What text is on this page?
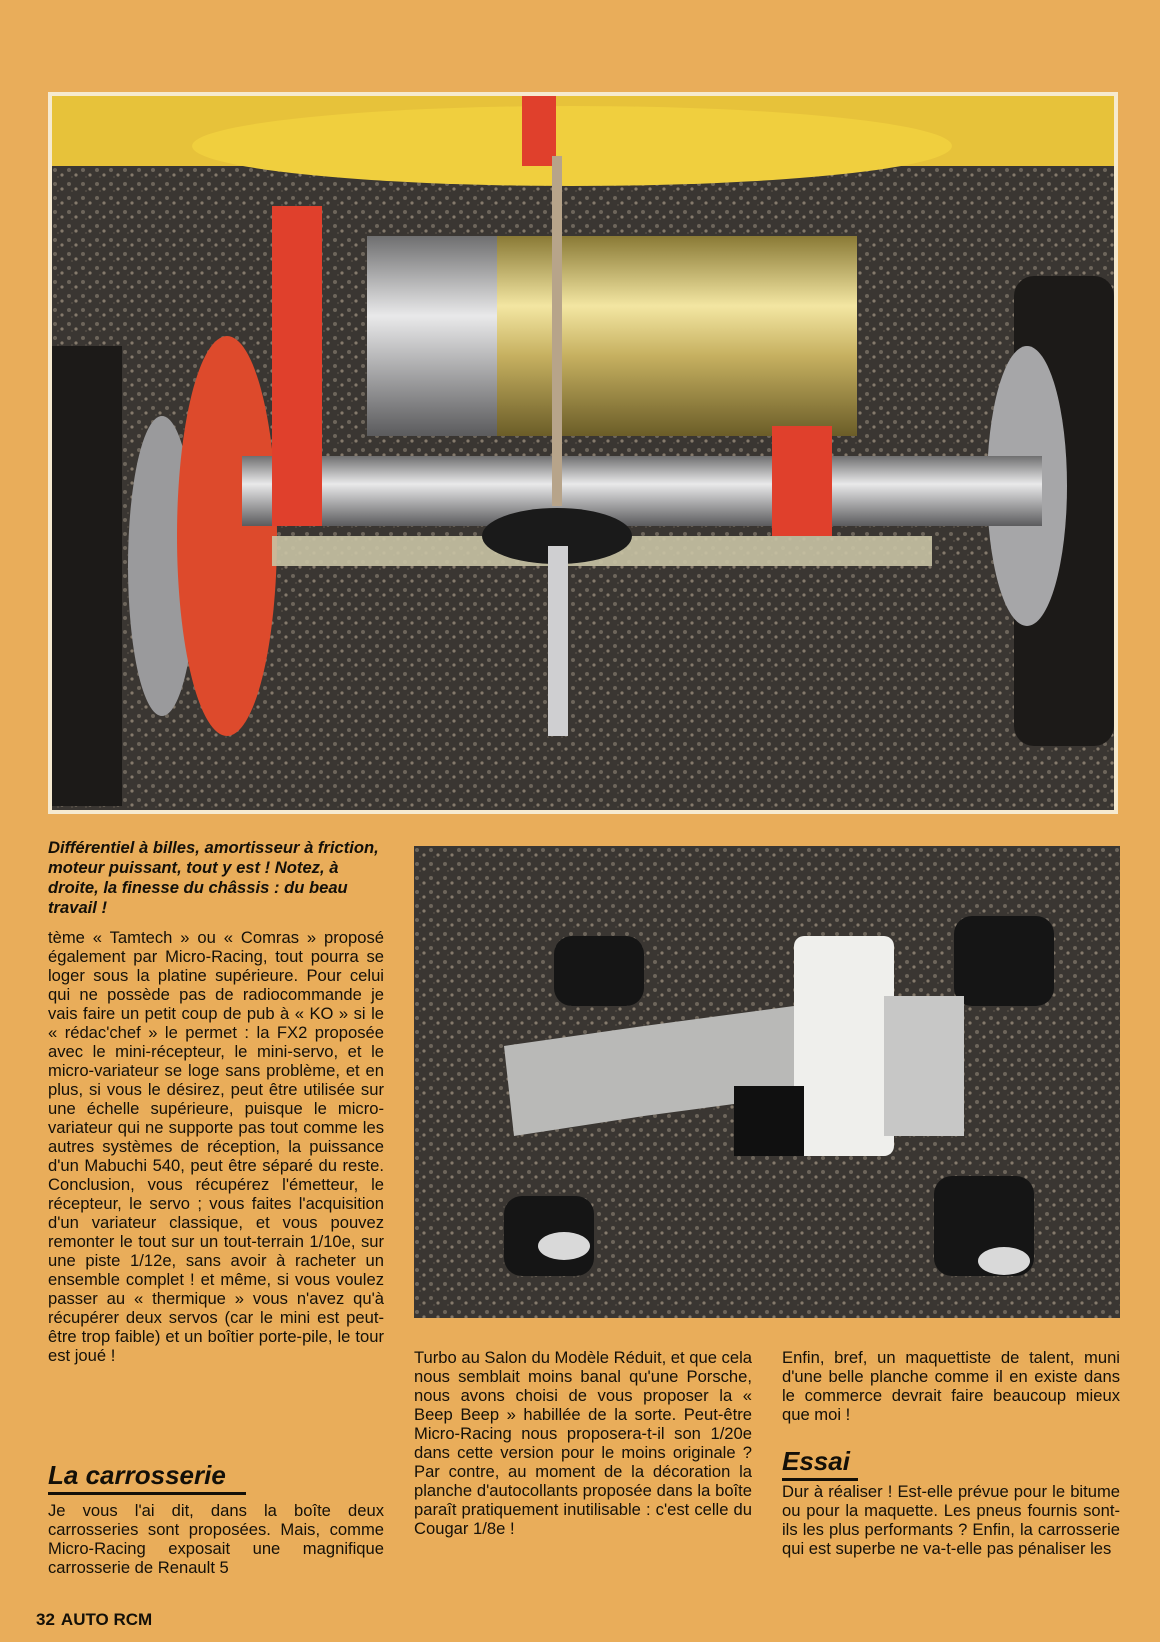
Différentiel à billes, amortisseur à friction, moteur puissant, tout y est ! Notez, à droite, la finesse du châssis : du beau travail !

tème « Tamtech » ou « Comras » proposé également par Micro-Racing, tout pourra se loger sous la platine supérieure. Pour celui qui ne possède pas de radiocommande je vais faire un petit coup de pub à « KO » si le « rédac'chef » le permet : la FX2 proposée avec le mini-récepteur, le mini-servo, et le micro-variateur se loge sans problème, et en plus, si vous le désirez, peut être utilisée sur une échelle supérieure, puisque le micro-variateur qui ne supporte pas tout comme les autres systèmes de réception, la puissance d'un Mabuchi 540, peut être séparé du reste. Conclusion, vous récupérez l'émetteur, le récepteur, le servo ; vous faites l'acquisition d'un variateur classique, et vous pouvez remonter le tout sur un tout-terrain 1/10e, sur une piste 1/12e, sans avoir à racheter un ensemble complet ! et même, si vous voulez passer au « thermique » vous n'avez qu'à récupérer deux servos (car le mini est peut-être trop faible) et un boîtier porte-pile, le tour est joué !

La carrosserie

Je vous l'ai dit, dans la boîte deux carrosseries sont proposées. Mais, comme Micro-Racing exposait une magnifique carrosserie de Renault 5

Turbo au Salon du Modèle Réduit, et que cela nous semblait moins banal qu'une Porsche, nous avons choisi de vous proposer la « Beep Beep » habillée de la sorte. Peut-être Micro-Racing nous proposera-t-il son 1/20e dans cette version pour le moins originale ? Par contre, au moment de la décoration la planche d'autocollants proposée dans la boîte paraît pratiquement inutilisable : c'est celle du Cougar 1/8e !

Enfin, bref, un maquettiste de talent, muni d'une belle planche comme il en existe dans le commerce devrait faire beaucoup mieux que moi !

Essai

Dur à réaliser ! Est-elle prévue pour le bitume ou pour la maquette. Les pneus fournis sont-ils les plus performants ? Enfin, la carrosserie qui est superbe ne va-t-elle pas pénaliser les

32 AUTO RCM
